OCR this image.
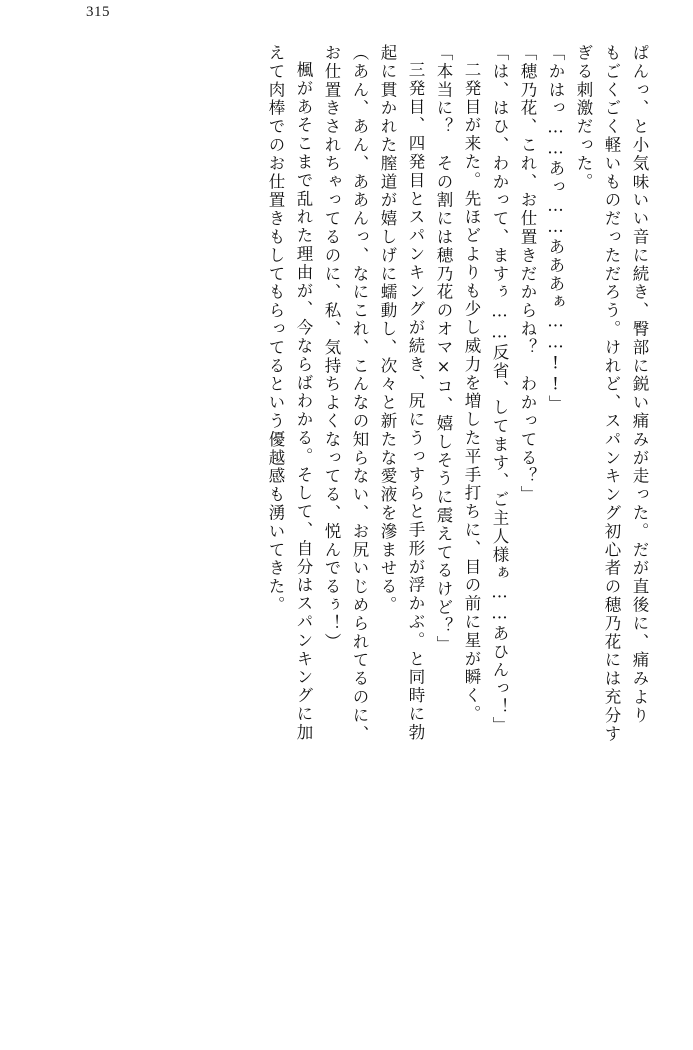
315
ぱんっ、と小気味いい音に続き、臀部に鋭い痛みが走った。だが直後に、痛みより
もごくごく軽いものだっただろう。けれど、スパンキング初心者の穂乃花には充分す
ぎる刺激だった。
「かはっ……あっ……あああぁ……!!」
「穂乃花、これ、お仕置きだからね？　わかってる？」
「は、はひ、わかって、ますぅ……反省、してます、ご主人様ぁ……あひんっ！」
二発目が来た。先ほどよりも少し威力を増した平手打ちに、目の前に星が瞬く。
「本当に？　その割には穂乃花のオマ×コ、嬉しそうに震えてるけど？」
三発目、四発目とスパンキングが続き、尻にうっすらと手形が浮かぶ。と同時に勃
起に貫かれた膣道が嬉しげに蠕動し、次々と新たな愛液を滲ませる。
（あん、あん、ああんっ、なにこれ、こんなの知らない、お尻いじめられてるのに、
お仕置きされちゃってるのに、私、気持ちよくなってる、悦んでるぅ！）
楓があそこまで乱れた理由が、今ならばわかる。そして、自分はスパンキングに加
えて肉棒でのお仕置きもしてもらってるという優越感も湧いてきた。
